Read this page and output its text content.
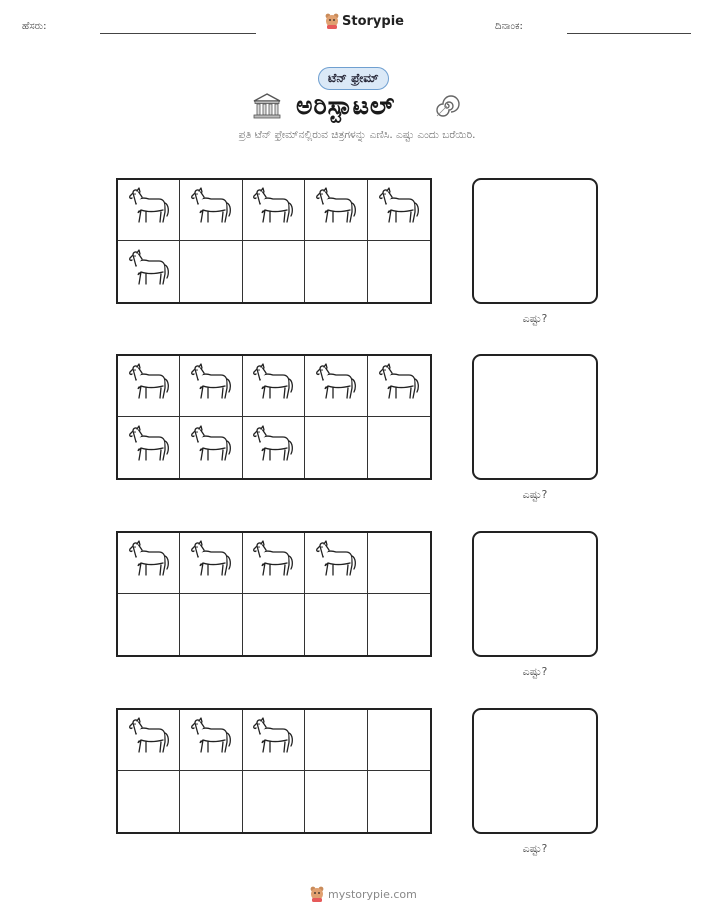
ಹೆಸರು:	Storypie	ದಿನಾಂಕ:
ಟೆನ್ ಫ್ರೇಮ್
ಅರಿಸ್ಟಾಟಲ್
ಪ್ರತಿ ಟೆನ್ ಫ್ರೇಮ್‌ನಲ್ಲಿರುವ ಚಿತ್ರಗಳನ್ನು ಎಣಿಸಿ. ಎಷ್ಟು ಎಂದು ಬರೆಯಿರಿ.
ಎಷ್ಟು?
ಎಷ್ಟು?
ಎಷ್ಟು?
ಎಷ್ಟು?
mystorypie.com
